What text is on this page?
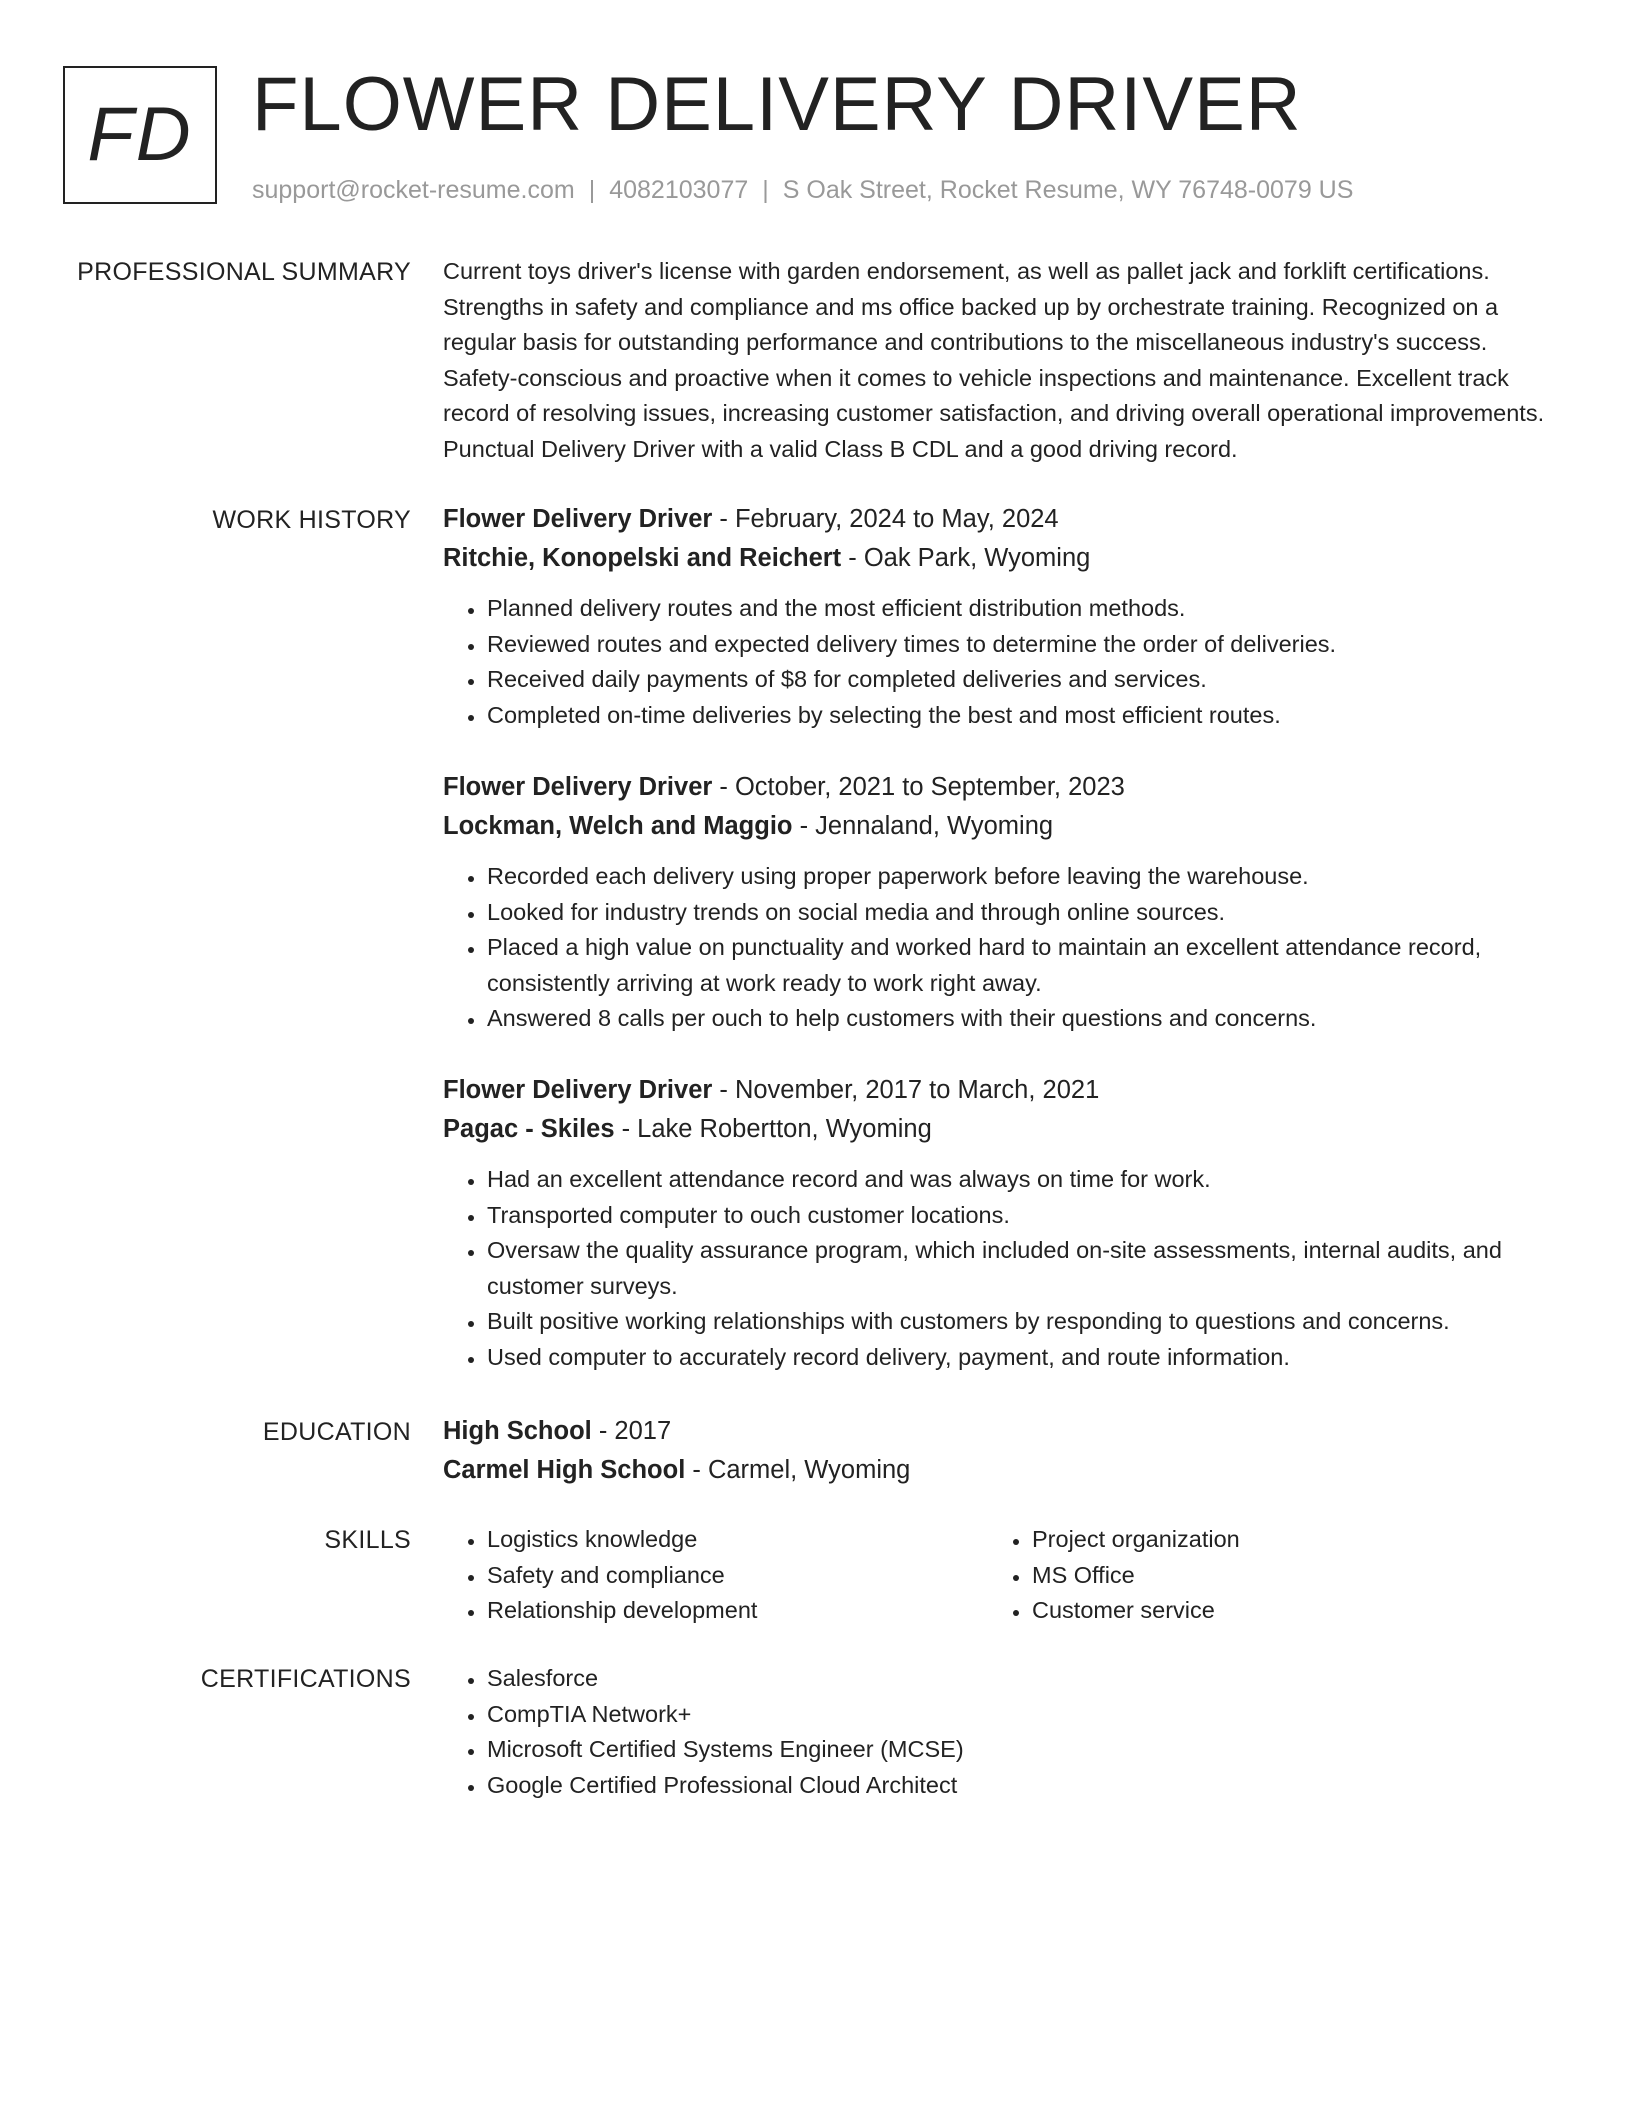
FD FLOWER DELIVERY DRIVER
support@rocket-resume.com | 4082103077 | S Oak Street, Rocket Resume, WY 76748-0079 US
PROFESSIONAL SUMMARY Current toys driver's license with garden endorsement, as well as pallet jack and forklift certifications. Strengths in safety and compliance and ms office backed up by orchestrate training. Recognized on a regular basis for outstanding performance and contributions to the miscellaneous industry's success. Safety-conscious and proactive when it comes to vehicle inspections and maintenance. Excellent track record of resolving issues, increasing customer satisfaction, and driving overall operational improvements. Punctual Delivery Driver with a valid Class B CDL and a good driving record.

WORK HISTORY Flower Delivery Driver - February, 2024 to May, 2024
Ritchie, Konopelski and Reichert - Oak Park, Wyoming
• Planned delivery routes and the most efficient distribution methods.
• Reviewed routes and expected delivery times to determine the order of deliveries.
• Received daily payments of $8 for completed deliveries and services.
• Completed on-time deliveries by selecting the best and most efficient routes.
Flower Delivery Driver - October, 2021 to September, 2023
Lockman, Welch and Maggio - Jennaland, Wyoming
• Recorded each delivery using proper paperwork before leaving the warehouse.
• Looked for industry trends on social media and through online sources.
• Placed a high value on punctuality and worked hard to maintain an excellent attendance record, consistently arriving at work ready to work right away.
• Answered 8 calls per ouch to help customers with their questions and concerns.
Flower Delivery Driver - November, 2017 to March, 2021
Pagac - Skiles - Lake Robertton, Wyoming
• Had an excellent attendance record and was always on time for work.
• Transported computer to ouch customer locations.
• Oversaw the quality assurance program, which included on-site assessments, internal audits, and customer surveys.
• Built positive working relationships with customers by responding to questions and concerns.
• Used computer to accurately record delivery, payment, and route information.
EDUCATION High School - 2017
Carmel High School - Carmel, Wyoming
SKILLS	• Logistics knowledge
• Safety and compliance
• Relationship development
• Project organization
• MS Office
• Customer service
CERTIFICATIONS	• Salesforce
• CompTIA Network+
• Microsoft Certified Systems Engineer (MCSE)
• Google Certified Professional Cloud Architect
